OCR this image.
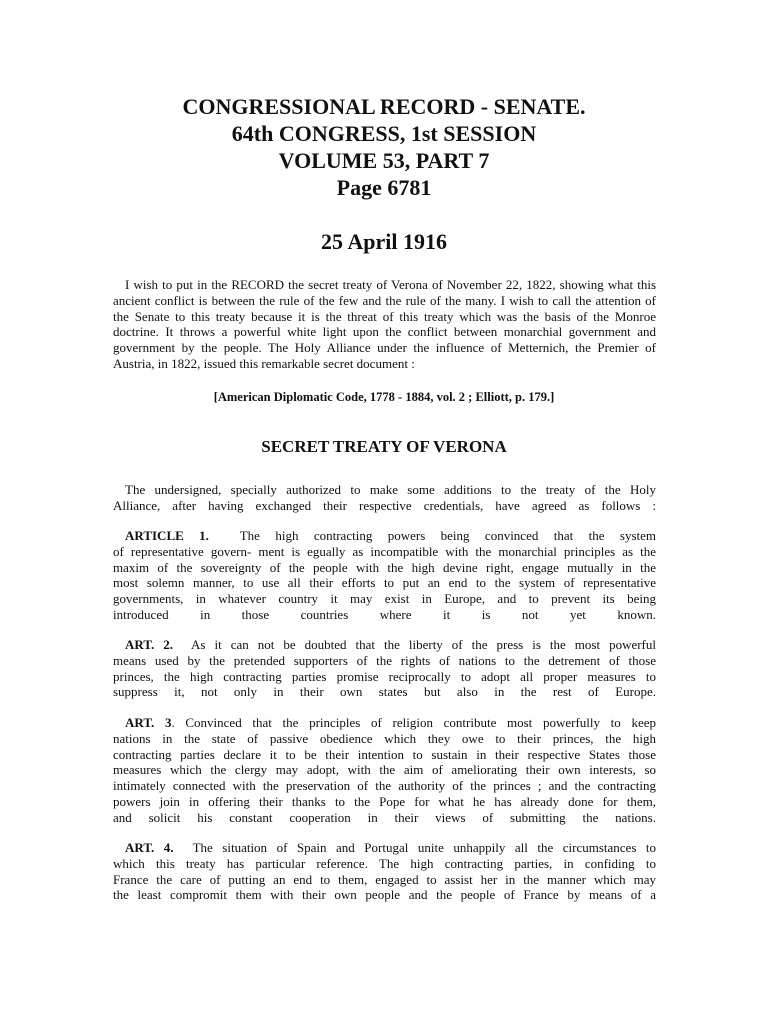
CONGRESSIONAL RECORD - SENATE.
64th CONGRESS, 1st SESSION
VOLUME 53, PART 7
Page 6781
25 April 1916
I wish to put in the RECORD the secret treaty of Verona of November 22, 1822, showing what this
ancient conflict is between the rule of the few and the rule of the many. I wish to call the attention of
the Senate to this treaty because it is the threat of this treaty which was the basis of the Monroe
doctrine. It throws a powerful white light upon the conflict between monarchial government and
government by the people. The Holy Alliance under the influence of Metternich, the Premier of
Austria, in 1822, issued this remarkable secret document :
[American Diplomatic Code, 1778 - 1884, vol. 2 ; Elliott, p. 179.]
SECRET TREATY OF VERONA
The undersigned, specially authorized to make some additions to the treaty of the Holy
Alliance, after having exchanged their respective credentials, have agreed as follows :
ARTICLE 1. The high contracting powers being convinced that the system
of representative govern- ment is egually as incompatible with the monarchial principles as the
maxim of the sovereignty of the people with the high devine right, engage mutually in the
most solemn manner, to use all their efforts to put an end to the system of representative
governments, in whatever country it may exist in Europe, and to prevent its being
introduced in those countries where it is not yet known.
ART. 2. As it can not be doubted that the liberty of the press is the most powerful
means used by the pretended supporters of the rights of nations to the detrement of those
princes, the high contracting parties promise reciprocally to adopt all proper measures to
suppress it, not only in their own states but also in the rest of Europe.
ART. 3. Convinced that the principles of religion contribute most powerfully to keep
nations in the state of passive obedience which they owe to their princes, the high
contracting parties declare it to be their intention to sustain in their respective States those
measures which the clergy may adopt, with the aim of ameliorating their own interests, so
intimately connected with the preservation of the authority of the princes ; and the contracting
powers join in offering their thanks to the Pope for what he has already done for them,
and solicit his constant cooperation in their views of submitting the nations.
ART. 4. The situation of Spain and Portugal unite unhappily all the circumstances to
which this treaty has particular reference. The high contracting parties, in confiding to
France the care of putting an end to them, engaged to assist her in the manner which may
the least compromit them with their own people and the people of France by means of a
